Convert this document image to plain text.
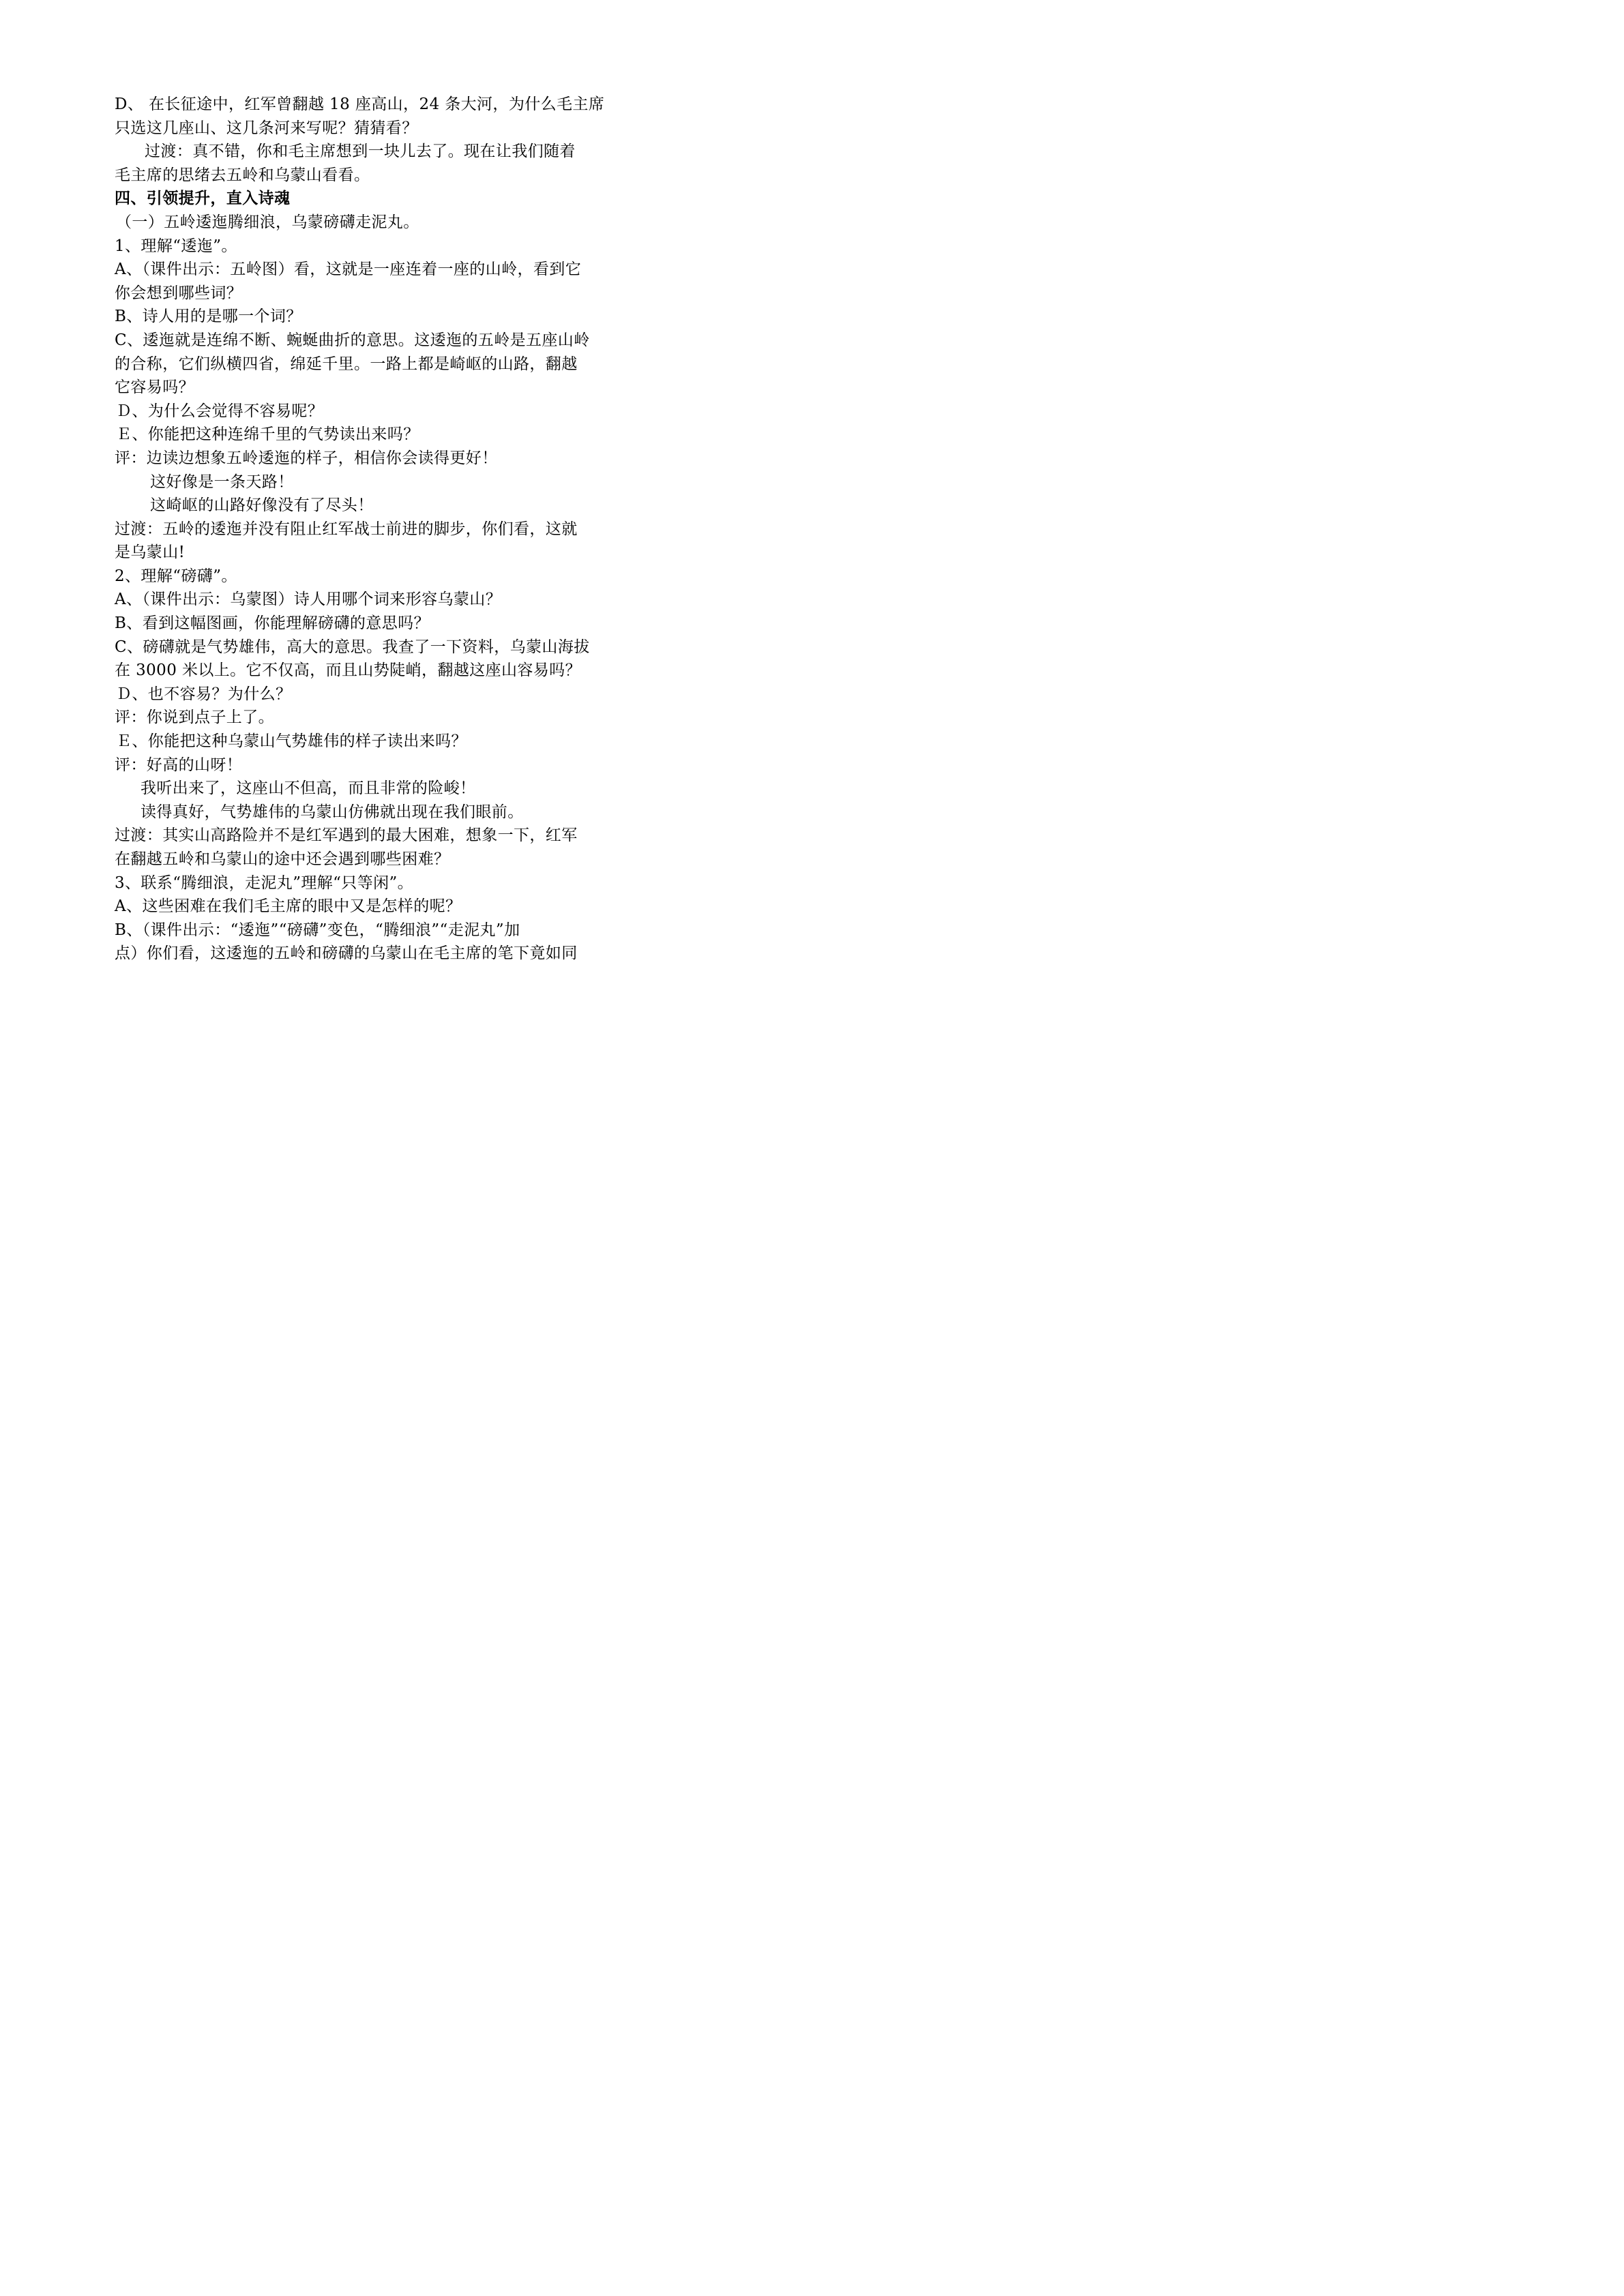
D、 在长征途中，红军曾翻越 18 座高山，24 条大河，为什么毛主席
只选这几座山、这几条河来写呢？猜猜看？
过渡：真不错，你和毛主席想到一块儿去了。现在让我们随着
毛主席的思绪去五岭和乌蒙山看看。
四、引领提升，直入诗魂
（一）五岭逶迤腾细浪，乌蒙磅礴走泥丸。
1、理解“逶迤”。
A、（课件出示：五岭图）看，这就是一座连着一座的山岭，看到它
你会想到哪些词？
B、诗人用的是哪一个词？
C、逶迤就是连绵不断、蜿蜒曲折的意思。这逶迤的五岭是五座山岭
的合称，它们纵横四省，绵延千里。一路上都是崎岖的山路，翻越
它容易吗？
Ｄ、为什么会觉得不容易呢？
Ｅ、你能把这种连绵千里的气势读出来吗？
评：边读边想象五岭逶迤的样子，相信你会读得更好！
这好像是一条天路！
这崎岖的山路好像没有了尽头！
过渡：五岭的逶迤并没有阻止红军战士前进的脚步，你们看，这就
是乌蒙山!
2、理解“磅礴”。
A、（课件出示：乌蒙图）诗人用哪个词来形容乌蒙山？
B、看到这幅图画，你能理解磅礴的意思吗？
C、磅礴就是气势雄伟，高大的意思。我查了一下资料，乌蒙山海拔
在 3000 米以上。它不仅高，而且山势陡峭，翻越这座山容易吗？
Ｄ、也不容易？为什么？
评：你说到点子上了。
Ｅ、你能把这种乌蒙山气势雄伟的样子读出来吗？
评：好高的山呀！
我听出来了，这座山不但高，而且非常的险峻！
读得真好，气势雄伟的乌蒙山仿佛就出现在我们眼前。
过渡：其实山高路险并不是红军遇到的最大困难，想象一下，红军
在翻越五岭和乌蒙山的途中还会遇到哪些困难？
3、联系“腾细浪，走泥丸”理解“只等闲”。
A、这些困难在我们毛主席的眼中又是怎样的呢？
B、（课件出示：“逶迤”“磅礴”变色，“腾细浪”“走泥丸”加
点）你们看，这逶迤的五岭和磅礴的乌蒙山在毛主席的笔下竟如同
